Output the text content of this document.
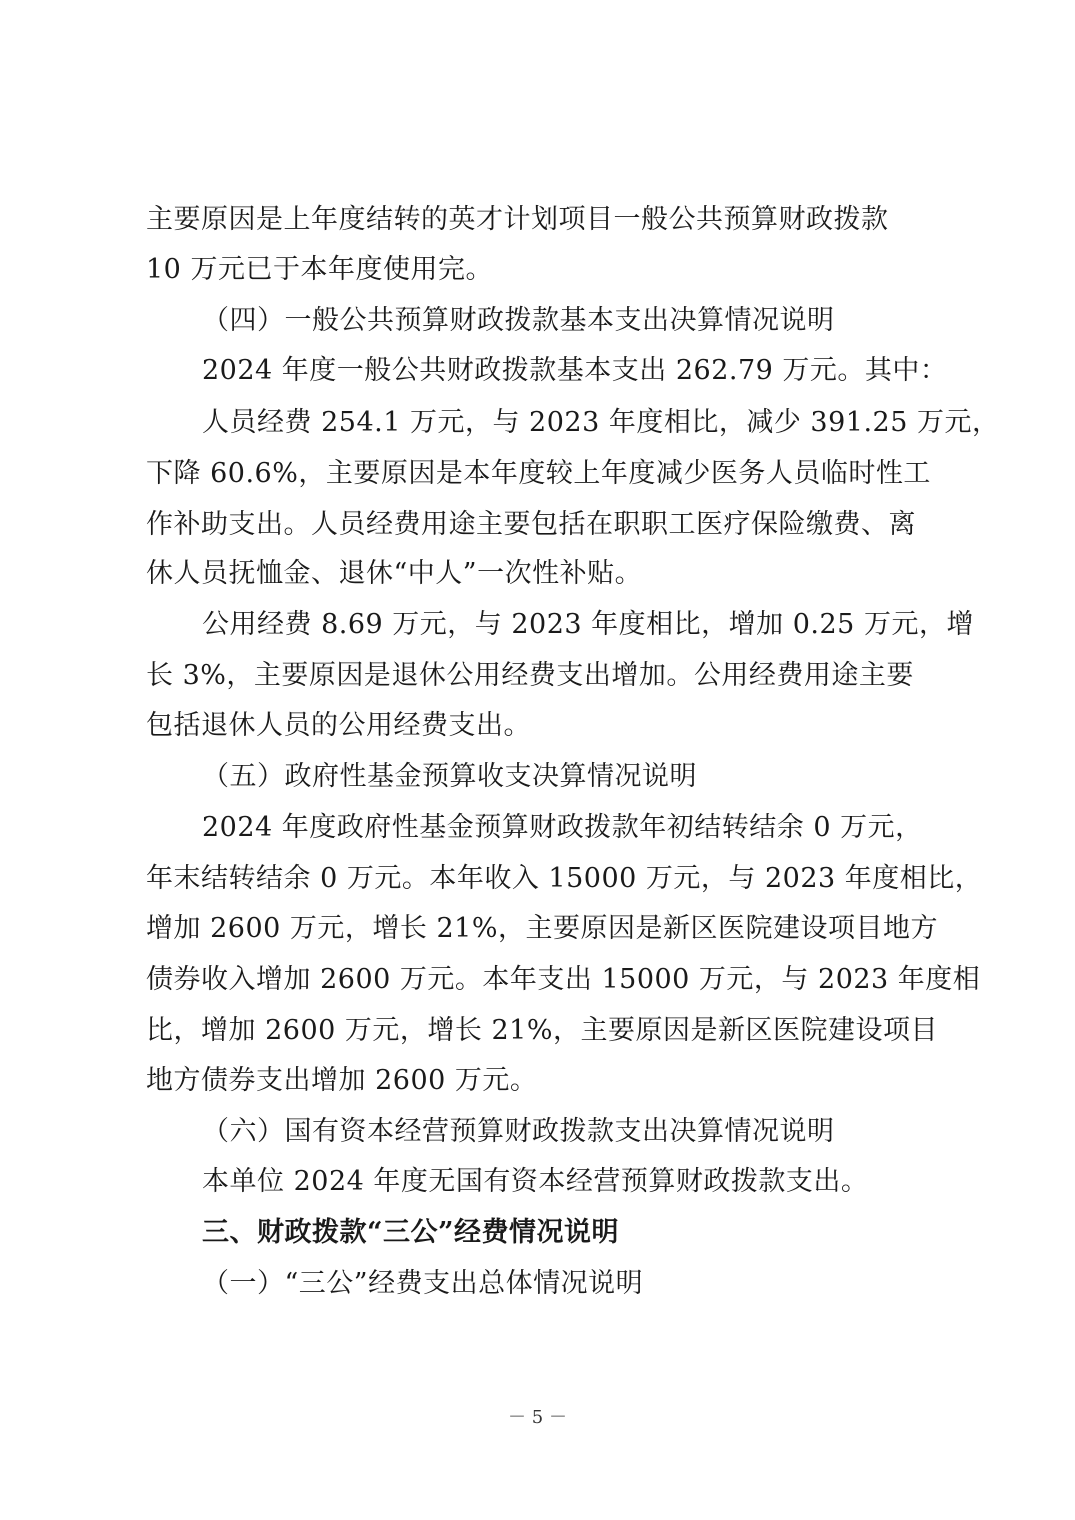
主要原因是上年度结转的英才计划项目一般公共预算财政拨款
10 万元已于本年度使用完。
（四）一般公共预算财政拨款基本支出决算情况说明
2024 年度一般公共财政拨款基本支出 262.79 万元。其中：
人员经费 254.1 万元，与 2023 年度相比，减少 391.25 万元，
下降 60.6%，主要原因是本年度较上年度减少医务人员临时性工
作补助支出。人员经费用途主要包括在职职工医疗保险缴费、离
休人员抚恤金、退休“中人”一次性补贴。
公用经费 8.69 万元，与 2023 年度相比，增加 0.25 万元，增
长 3%，主要原因是退休公用经费支出增加。公用经费用途主要
包括退休人员的公用经费支出。
（五）政府性基金预算收支决算情况说明
2024 年度政府性基金预算财政拨款年初结转结余 0 万元，
年末结转结余 0 万元。本年收入 15000 万元，与 2023 年度相比，
增加 2600 万元，增长 21%，主要原因是新区医院建设项目地方
债券收入增加 2600 万元。本年支出 15000 万元，与 2023 年度相
比，增加 2600 万元，增长 21%，主要原因是新区医院建设项目
地方债券支出增加 2600 万元。
（六）国有资本经营预算财政拨款支出决算情况说明
本单位 2024 年度无国有资本经营预算财政拨款支出。
三、财政拨款“三公”经费情况说明
（一）“三公”经费支出总体情况说明
－ 5 －
